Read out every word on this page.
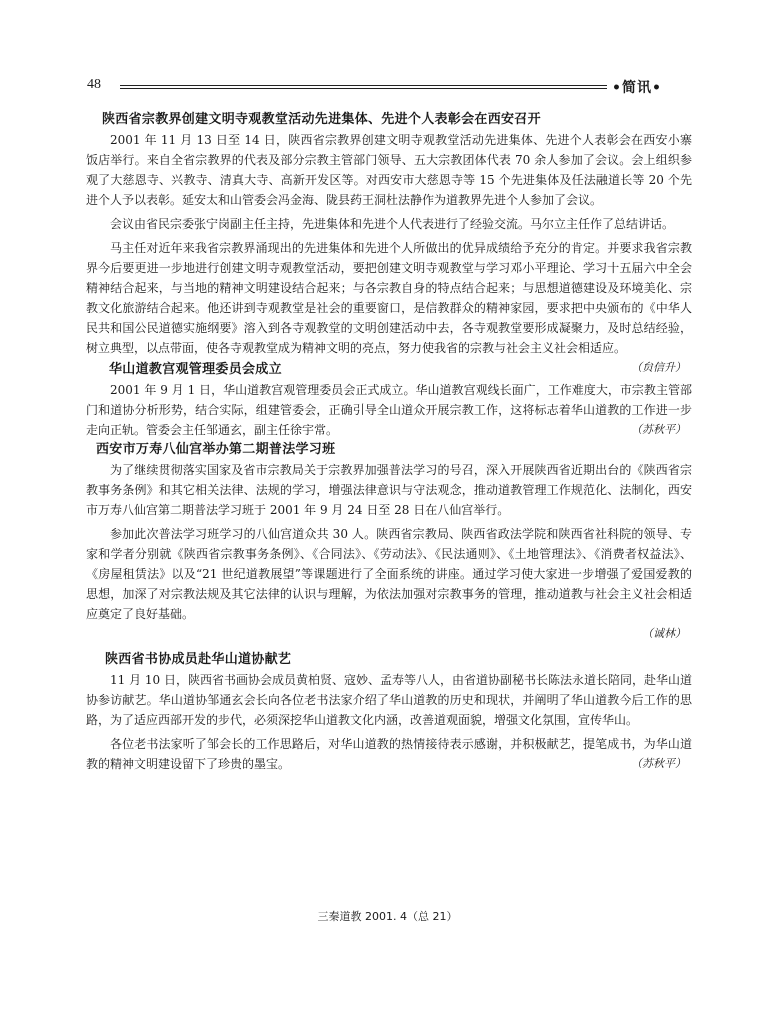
48	•简讯•
陕西省宗教界创建文明寺观教堂活动先进集体、先进个人表彰会在西安召开

2001 年 11 月 13 日至 14 日，陕西省宗教界创建文明寺观教堂活动先进集体、先进个人表彰会在西安小寨饭店举行。来自全省宗教界的代表及部分宗教主管部门领导、五大宗教团体代表 70 余人参加了会议。会上组织参观了大慈恩寺、兴教寺、清真大寺、高新开发区等。对西安市大慈恩寺等 15 个先进集体及任法融道长等 20 个先进个人予以表彰。延安太和山管委会冯金海、陇县药王洞杜法静作为道教界先进个人参加了会议。

会议由省民宗委张宁岗副主任主持，先进集体和先进个人代表进行了经验交流。马尔立主任作了总结讲话。

马主任对近年来我省宗教界涌现出的先进集体和先进个人所做出的优异成绩给予充分的肯定。并要求我省宗教界今后要更进一步地进行创建文明寺观教堂活动，要把创建文明寺观教堂与学习邓小平理论、学习十五届六中全会精神结合起来，与当地的精神文明建设结合起来；与各宗教自身的特点结合起来；与思想道德建设及环境美化、宗教文化旅游结合起来。他还讲到寺观教堂是社会的重要窗口，是信教群众的精神家园，要求把中央颁布的《中华人民共和国公民道德实施纲要》溶入到各寺观教堂的文明创建活动中去，各寺观教堂要形成凝聚力，及时总结经验，树立典型，以点带面，使各寺观教堂成为精神文明的亮点，努力使我省的宗教与社会主义社会相适应。
（贠信升）

华山道教宫观管理委员会成立

2001 年 9 月 1 日，华山道教宫观管理委员会正式成立。华山道教宫观线长面广，工作难度大，市宗教主管部门和道协分析形势，结合实际，组建管委会，正确引导全山道众开展宗教工作，这将标志着华山道教的工作进一步走向正轨。管委会主任邹通玄，副主任徐宇常。	（苏秋平）

西安市万寿八仙宫举办第二期普法学习班

为了继续贯彻落实国家及省市宗教局关于宗教界加强普法学习的号召，深入开展陕西省近期出台的《陕西省宗教事务条例》和其它相关法律、法规的学习，增强法律意识与守法观念，推动道教管理工作规范化、法制化，西安市万寿八仙宫第二期普法学习班于 2001 年 9 月 24 日至 28 日在八仙宫举行。

参加此次普法学习班学习的八仙宫道众共 30 人。陕西省宗教局、陕西省政法学院和陕西省社科院的领导、专家和学者分别就《陕西省宗教事务条例》、《合同法》、《劳动法》、《民法通则》、《土地管理法》、《消费者权益法》、《房屋租赁法》以及“21 世纪道教展望”等课题进行了全面系统的讲座。通过学习使大家进一步增强了爱国爱教的思想，加深了对宗教法规及其它法律的认识与理解，为依法加强对宗教事务的管理，推动道教与社会主义社会相适应奠定了良好基础。

（诚林）
陕西省书协成员赴华山道协献艺

11 月 10 日，陕西省书画协会成员黄柏贤、寇妙、孟寿等八人，由省道协副秘书长陈法永道长陪同，赴华山道协参访献艺。华山道协邹通玄会长向各位老书法家介绍了华山道教的历史和现状，并阐明了华山道教今后工作的思路，为了适应西部开发的步代，必须深挖华山道教文化内涵，改善道观面貌，增强文化氛围，宣传华山。

各位老书法家听了邹会长的工作思路后，对华山道教的热情接待表示感谢，并积极献艺，提笔成书，为华山道教的精神文明建设留下了珍贵的墨宝。	（苏秋平）

三秦道教 2001. 4（总 21）
